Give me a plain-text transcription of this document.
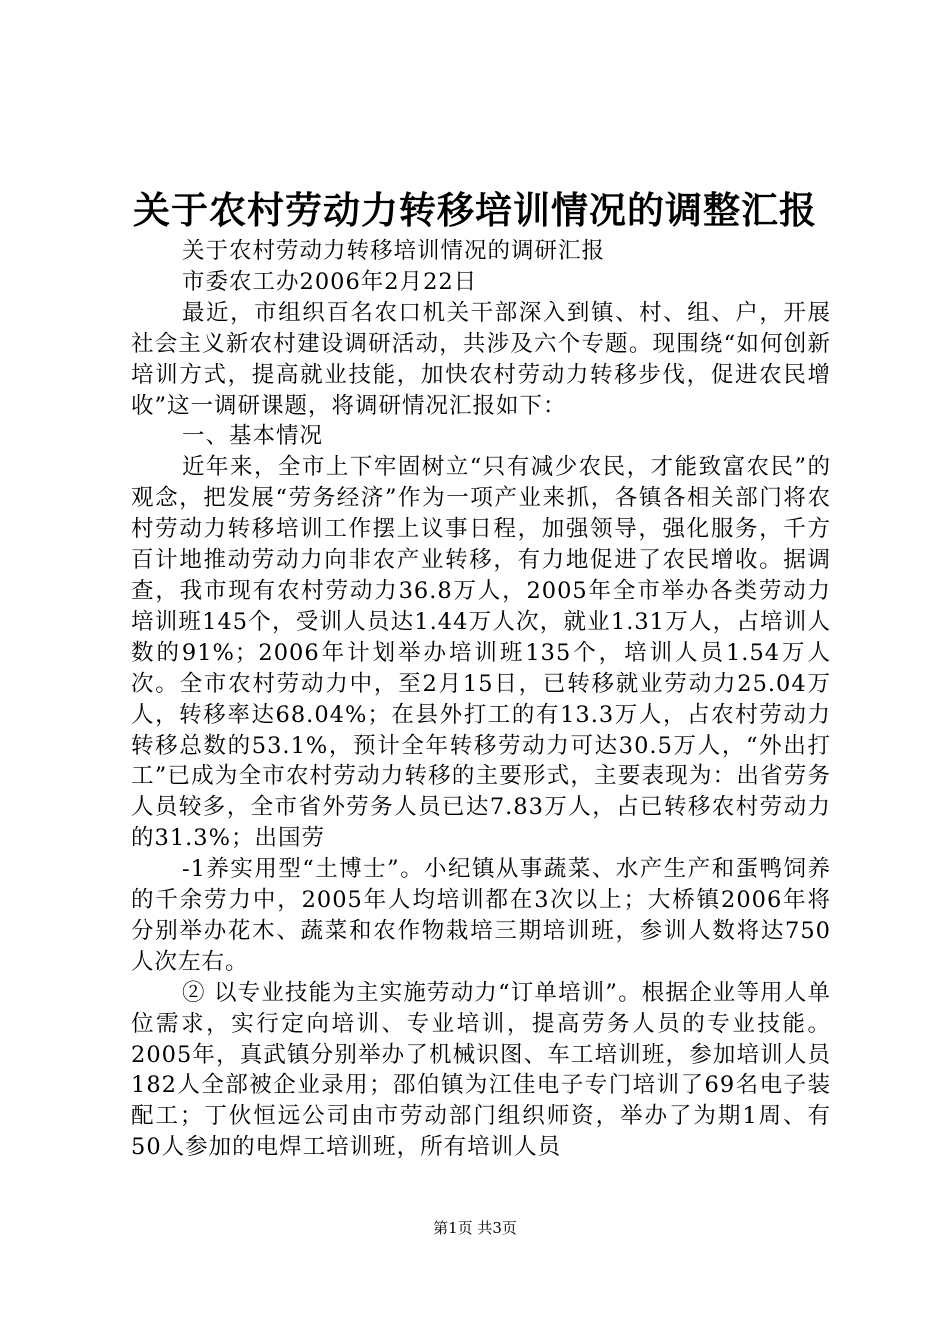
关于农村劳动力转移培训情况的调整汇报

关于农村劳动力转移培训情况的调研汇报

市委农工办2006年2月22日

最近，市组织百名农口机关干部深入到镇、村、组、户，开展社会主义新农村建设调研活动，共涉及六个专题。现围绕“如何创新培训方式，提高就业技能，加快农村劳动力转移步伐，促进农民增收”这一调研课题，将调研情况汇报如下：

一、基本情况

近年来，全市上下牢固树立“只有减少农民，才能致富农民”的观念，把发展“劳务经济”作为一项产业来抓，各镇各相关部门将农村劳动力转移培训工作摆上议事日程，加强领导，强化服务，千方百计地推动劳动力向非农产业转移，有力地促进了农民增收。据调查，我市现有农村劳动力36.8万人，2005年全市举办各类劳动力培训班145个，受训人员达1.44万人次，就业1.31万人，占培训人数的91%；2006年计划举办培训班135个，培训人员1.54万人次。全市农村劳动力中，至2月15日，已转移就业劳动力25.04万人，转移率达68.04%；在县外打工的有13.3万人，占农村劳动力转移总数的53.1%，预计全年转移劳动力可达30.5万人，“外出打工”已成为全市农村劳动力转移的主要形式，主要表现为：出省劳务人员较多，全市省外劳务人员已达7.83万人，占已转移农村劳动力的31.3%；出国劳

-1养实用型“土博士”。小纪镇从事蔬菜、水产生产和蛋鸭饲养的千余劳力中，2005年人均培训都在3次以上；大桥镇2006年将分别举办花木、蔬菜和农作物栽培三期培训班，参训人数将达750人次左右。

② 以专业技能为主实施劳动力“订单培训”。根据企业等用人单位需求，实行定向培训、专业培训，提高劳务人员的专业技能。2005年，真武镇分别举办了机械识图、车工培训班，参加培训人员182人全部被企业录用；邵伯镇为江佳电子专门培训了69名电子装配工；丁伙恒远公司由市劳动部门组织师资，举办了为期1周、有50人参加的电焊工培训班，所有培训人员

第1页 共3页
